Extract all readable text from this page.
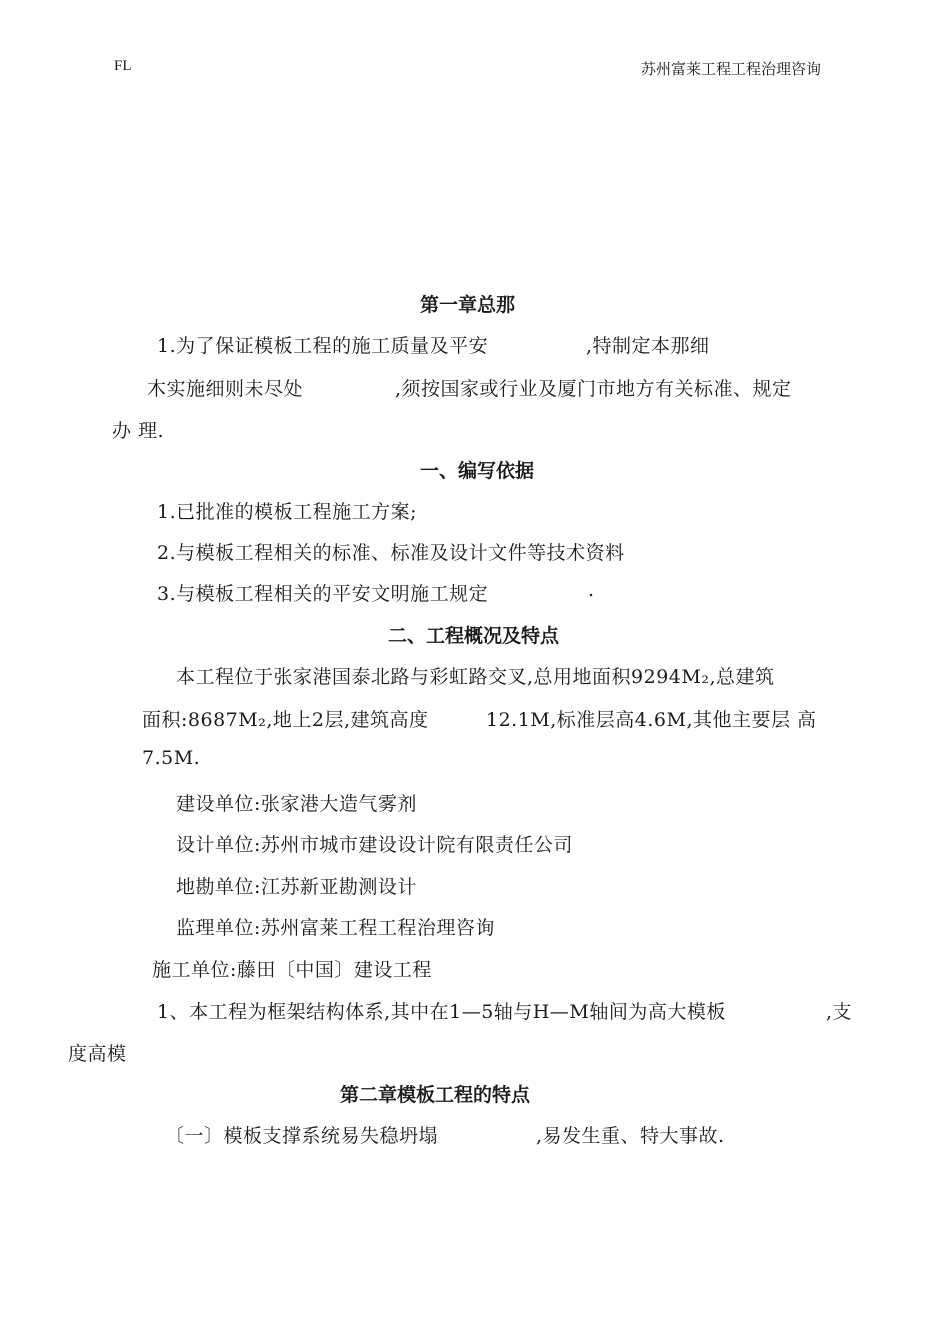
FL	苏州富莱工程工程治理咨询
第一章总那
1.为了保证模板工程的施工质量及平安	,特制定本那细
木实施细则未尽处	,须按国家或行业及厦门市地方有关标准、规定
办 理.
一、编写依据
1.已批准的模板工程施工方案;
2.与模板工程相关的标准、标准及设计文件等技术资料
3.与模板工程相关的平安文明施工规定	.
二、工程概况及特点
本工程位于张家港国泰北路与彩虹路交叉,总用地面积9294M₂,总建筑
面积:8687M₂,地上2层,建筑高度	12.1M,标准层高4.6M,其他主要层 高
7.5M.
建设单位:张家港大造气雾剂
设计单位:苏州市城市建设设计院有限责任公司
地勘单位:江苏新亚勘测设计
监理单位:苏州富莱工程工程治理咨询
施工单位:藤田〔中国〕建设工程
1、本工程为框架结构体系,其中在1—5轴与H—M轴间为高大模板	,支
度高模
第二章模板工程的特点
〔一〕模板支撑系统易失稳坍塌	,易发生重、特大事故.
